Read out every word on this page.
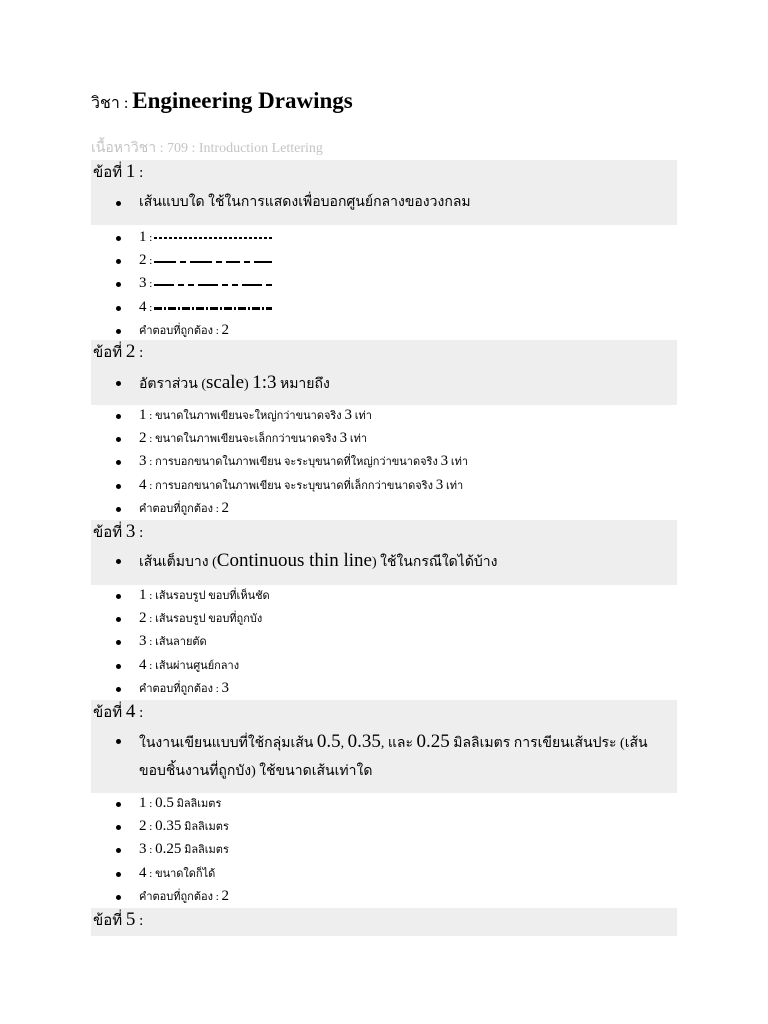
วิชา : Engineering Drawings
เนื้อหาวิชา : 709 : Introduction Lettering
ข้อที่ 1 :
เส้นแบบใด ใช้ในการแสดงเพื่อบอกศูนย์กลางของวงกลม
1 :
2 :
3 :
4 :
คำตอบที่ถูกต้อง : 2
ข้อที่ 2 :
อัตราส่วน (scale) 1:3 หมายถึง
1 : ขนาดในภาพเขียนจะใหญ่กว่าขนาดจริง 3 เท่า
2 : ขนาดในภาพเขียนจะเล็กกว่าขนาดจริง 3 เท่า
3 : การบอกขนาดในภาพเขียน จะระบุขนาดที่ใหญ่กว่าขนาดจริง 3 เท่า
4 : การบอกขนาดในภาพเขียน จะระบุขนาดที่เล็กกว่าขนาดจริง 3 เท่า
คำตอบที่ถูกต้อง : 2
ข้อที่ 3 :
เส้นเต็มบาง (Continuous thin line) ใช้ในกรณีใดได้บ้าง
1 : เส้นรอบรูป ขอบที่เห็นชัด
2 : เส้นรอบรูป ขอบที่ถูกบัง
3 : เส้นลายตัด
4 : เส้นผ่านศูนย์กลาง
คำตอบที่ถูกต้อง : 3
ข้อที่ 4 :
ในงานเขียนแบบที่ใช้กลุ่มเส้น 0.5, 0.35, และ 0.25 มิลลิเมตร การเขียนเส้นประ (เส้นขอบชิ้นงานที่ถูกบัง) ใช้ขนาดเส้นเท่าใด
1 : 0.5 มิลลิเมตร
2 : 0.35 มิลลิเมตร
3 : 0.25 มิลลิเมตร
4 : ขนาดใดก็ได้
คำตอบที่ถูกต้อง : 2
ข้อที่ 5 :
